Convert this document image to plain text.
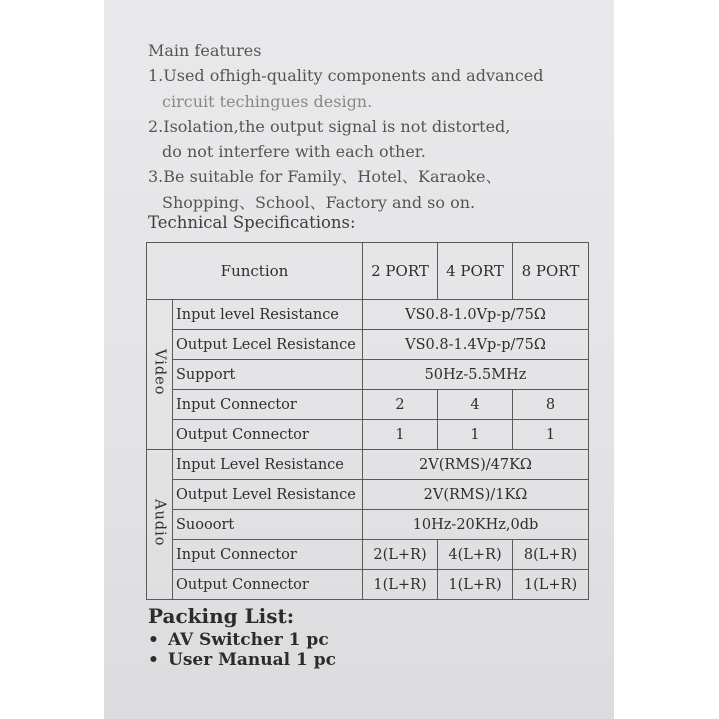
Main features

1.Used ofhigh-quality components and advanced

circuit techingues design.

2.Isolation,the output signal is not distorted,

do not interfere with each other.

3.Be suitable for Family、Hotel、Karaoke、

Shopping、School、Factory and so on.

Technical Specifications:
Function		2 PORT	4 PORT	8 PORT
Video	Input level Resistance	VS0.8-1.0Vp-p/75Ω		
	Output Lecel Resistance	VS0.8-1.4Vp-p/75Ω		
	Support	50Hz-5.5MHz		
	Input Connector	2	4	8
	Output Connector	1	1	1
Audio	Input Level Resistance	2V(RMS)/47KΩ		
	Output Level Resistance	2V(RMS)/1KΩ		
	Suooort	10Hz-20KHz,0db		
	Input Connector	2(L+R)	4(L+R)	8(L+R)
	Output Connector	1(L+R)	1(L+R)	1(L+R)
Packing List:
• AV Switcher 1 pc
• User Manual 1 pc
